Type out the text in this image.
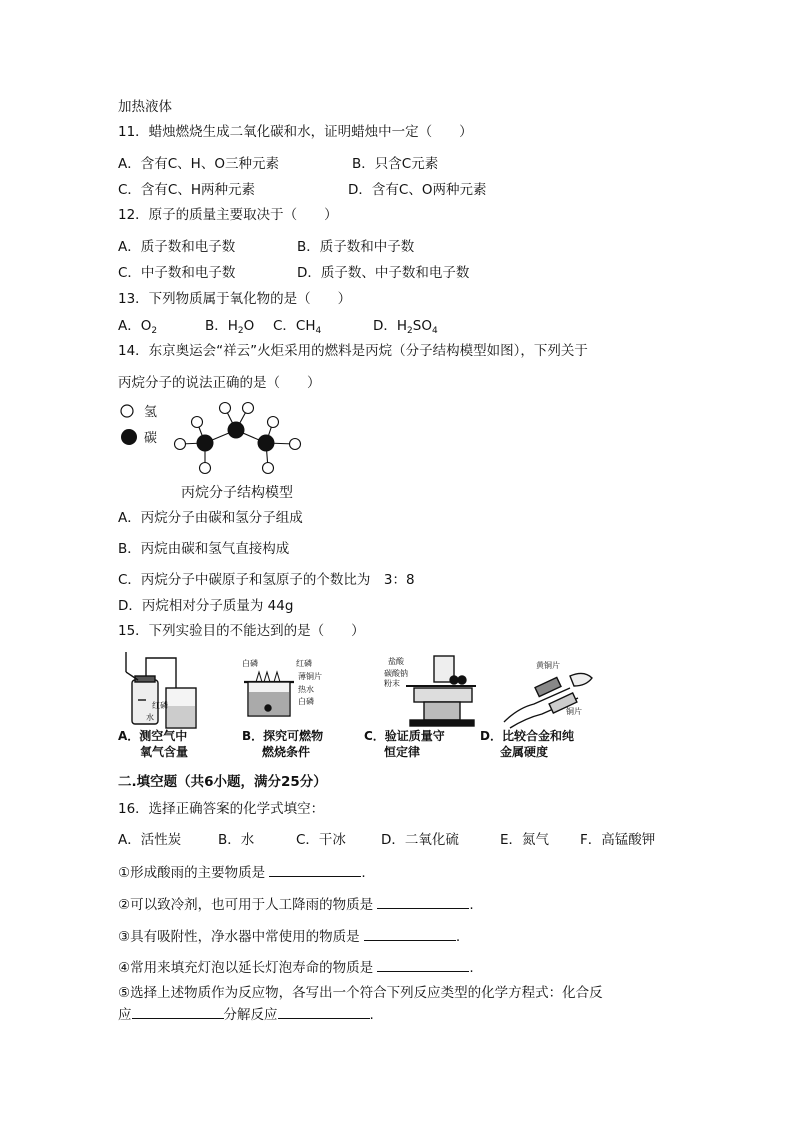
加热液体
11．蜡烛燃烧生成二氧化碳和水，证明蜡烛中一定（　　）
A．含有C、H、O三种元素	B．只含C元素
C．含有C、H两种元素	D．含有C、O两种元素
12．原子的质量主要取决于（　　）
A．质子数和电子数	B．质子数和中子数
C．中子数和电子数	D．质子数、中子数和电子数
13．下列物质属于氧化物的是（　　）
A．$O_2$	B．$H_2O$ C．$CH_4$	D．$H_2SO_4$
14．东京奥运会“祥云”火炬采用的燃料是丙烷（分子结构模型如图），下列关于
丙烷分子的说法正确的是（　　）
氢
碳
丙烷分子结构模型
A．丙烷分子由碳和氢分子组成
B．丙烷由碳和氢气直接构成
C．丙烷分子中碳原子和氢原子的个数比为　3：8
D．丙烷相对分子质量为 44g
15．下列实验目的不能达到的是（　　）
红磷
水
白磷	红磷
薄铜片
热水
白磷
盐酸
碳酸钠
粉末
黄铜片
铜片
A．测空气中
氧气含量
B．探究可燃物
燃烧条件
C．验证质量守
恒定律
D．比较合金和纯
金属硬度
二.填空题（共6小题，满分25分）
16．选择正确答案的化学式填空：
A．活性炭	B．水	C．干冰	D．二氧化硫	E．氮气 F．高锰酸钾
①形成酸雨的主要物质是	.
②可以致冷剂，也可用于人工降雨的物质是	.
③具有吸附性，净水器中常使用的物质是	.
④常用来填充灯泡以延长灯泡寿命的物质是	.
⑤选择上述物质作为反应物，各写出一个符合下列反应类型的化学方程式：化合反
应	分解反应	.
